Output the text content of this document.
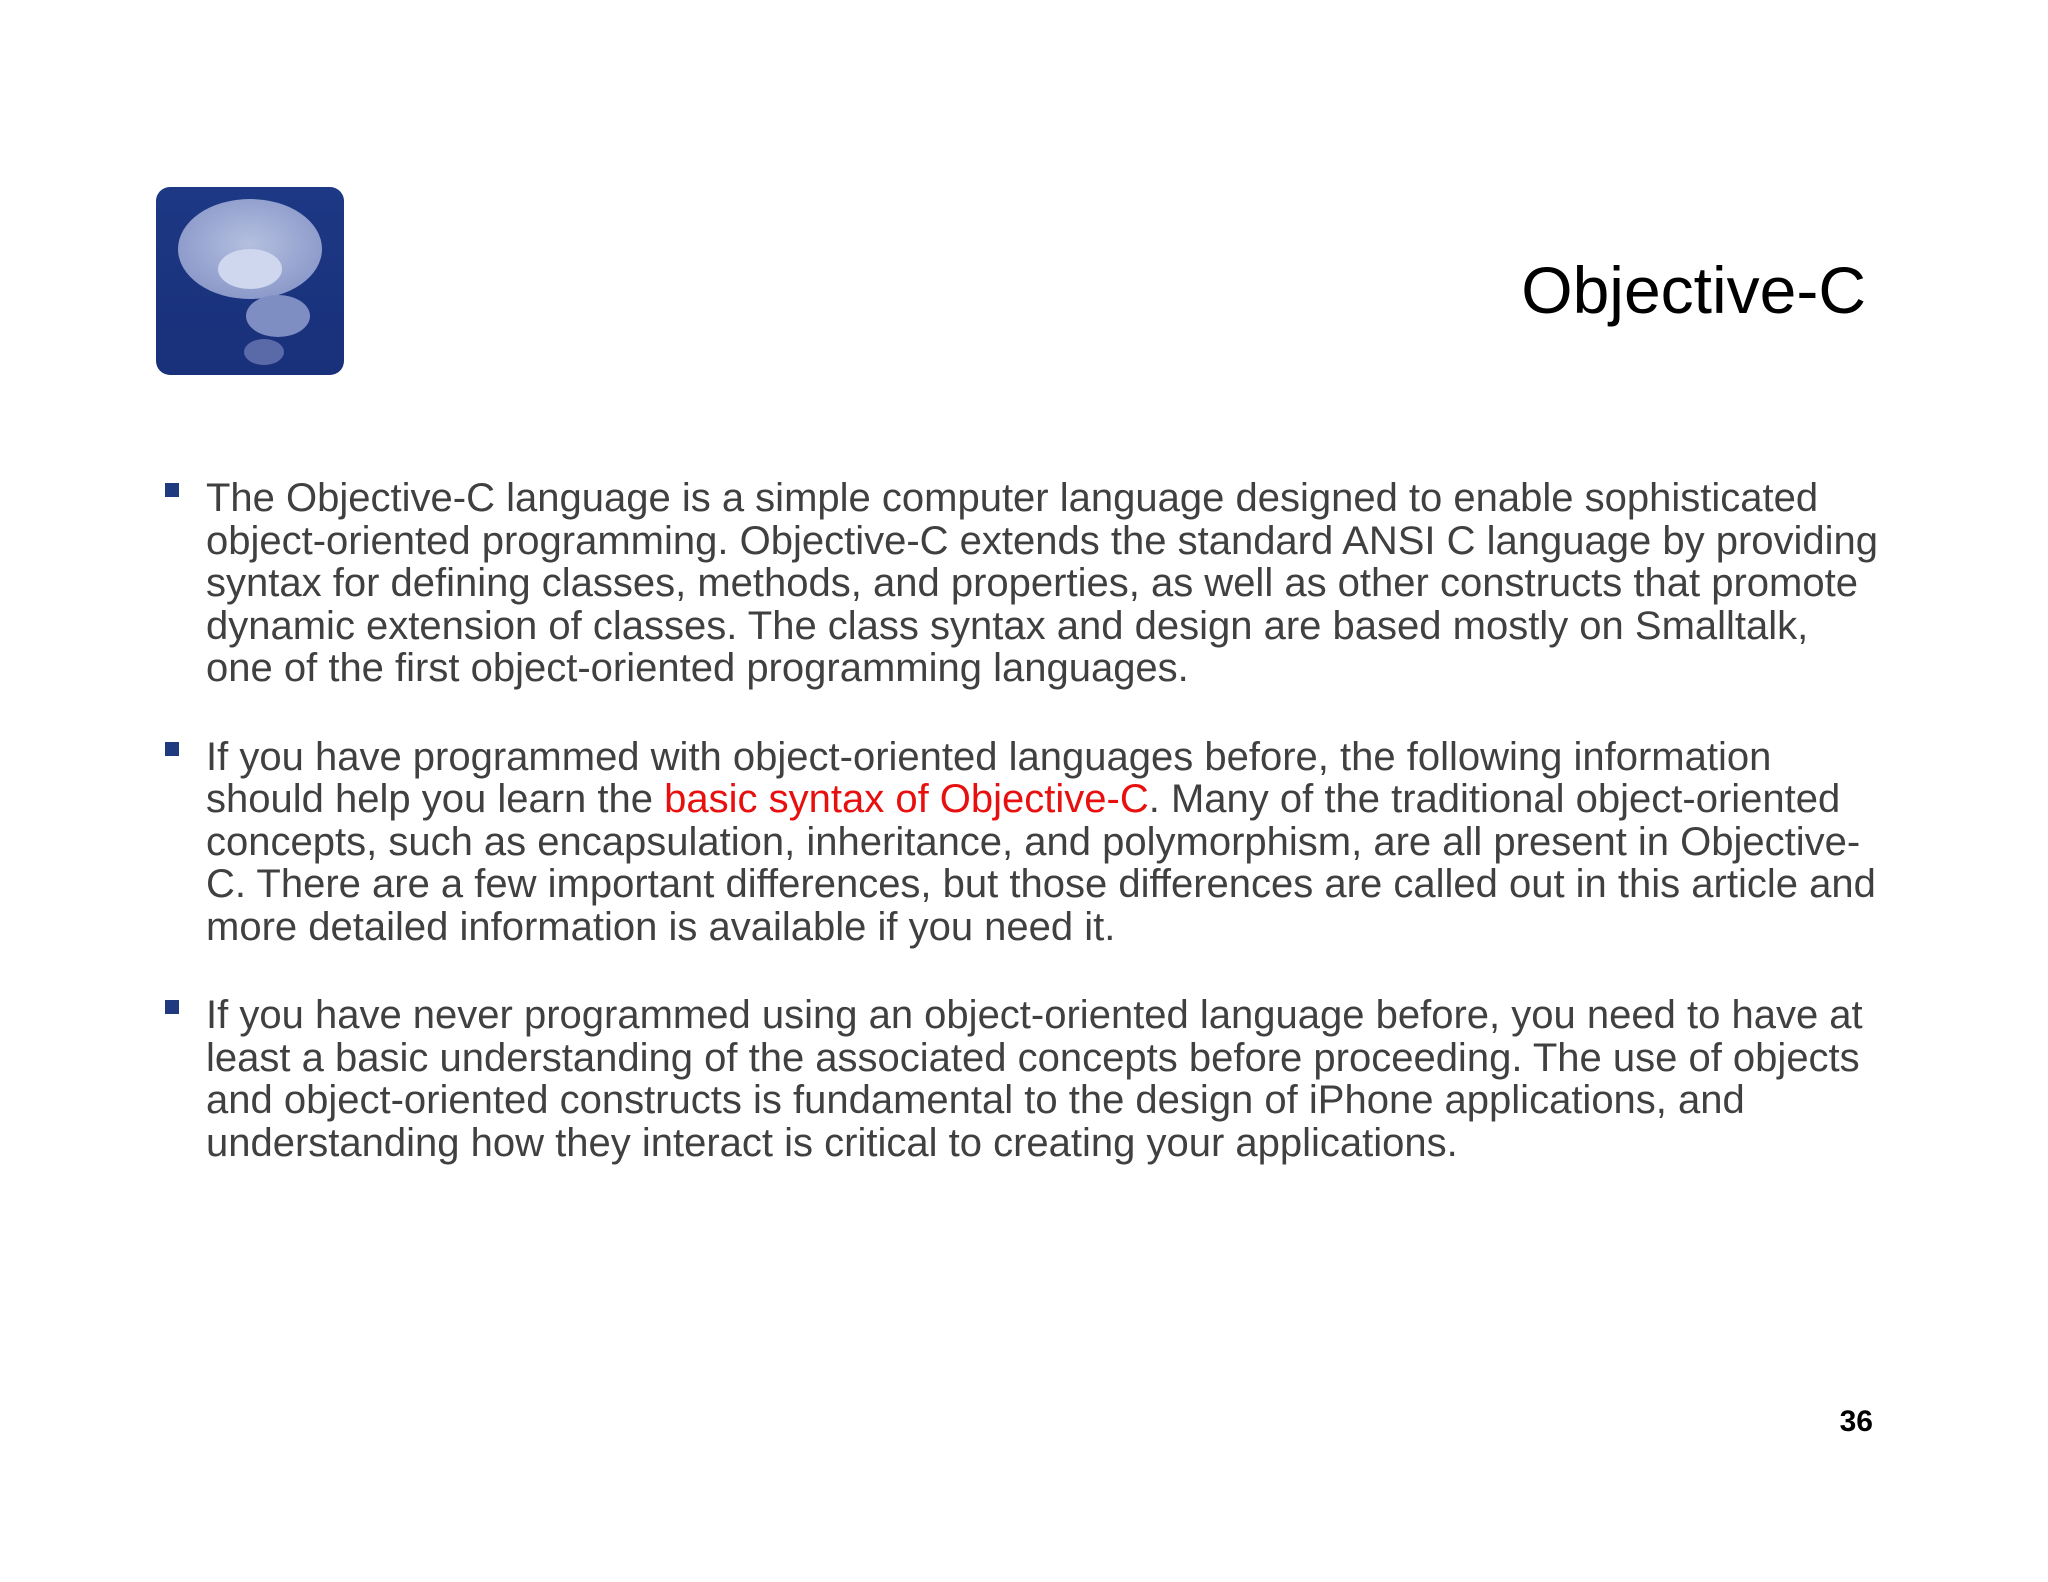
Objective-C
The Objective-C language is a simple computer language designed to enable sophisticated object-oriented programming. Objective-C extends the standard ANSI C language by providing syntax for defining classes, methods, and properties, as well as other constructs that promote dynamic extension of classes. The class syntax and design are based mostly on Smalltalk, one of the first object-oriented programming languages.
If you have programmed with object-oriented languages before, the following information should help you learn the basic syntax of Objective-C. Many of the traditional object-oriented concepts, such as encapsulation, inheritance, and polymorphism, are all present in Objective-C. There are a few important differences, but those differences are called out in this article and more detailed information is available if you need it.
If you have never programmed using an object-oriented language before, you need to have at least a basic understanding of the associated concepts before proceeding. The use of objects and object-oriented constructs is fundamental to the design of iPhone applications, and understanding how they interact is critical to creating your applications.
36
